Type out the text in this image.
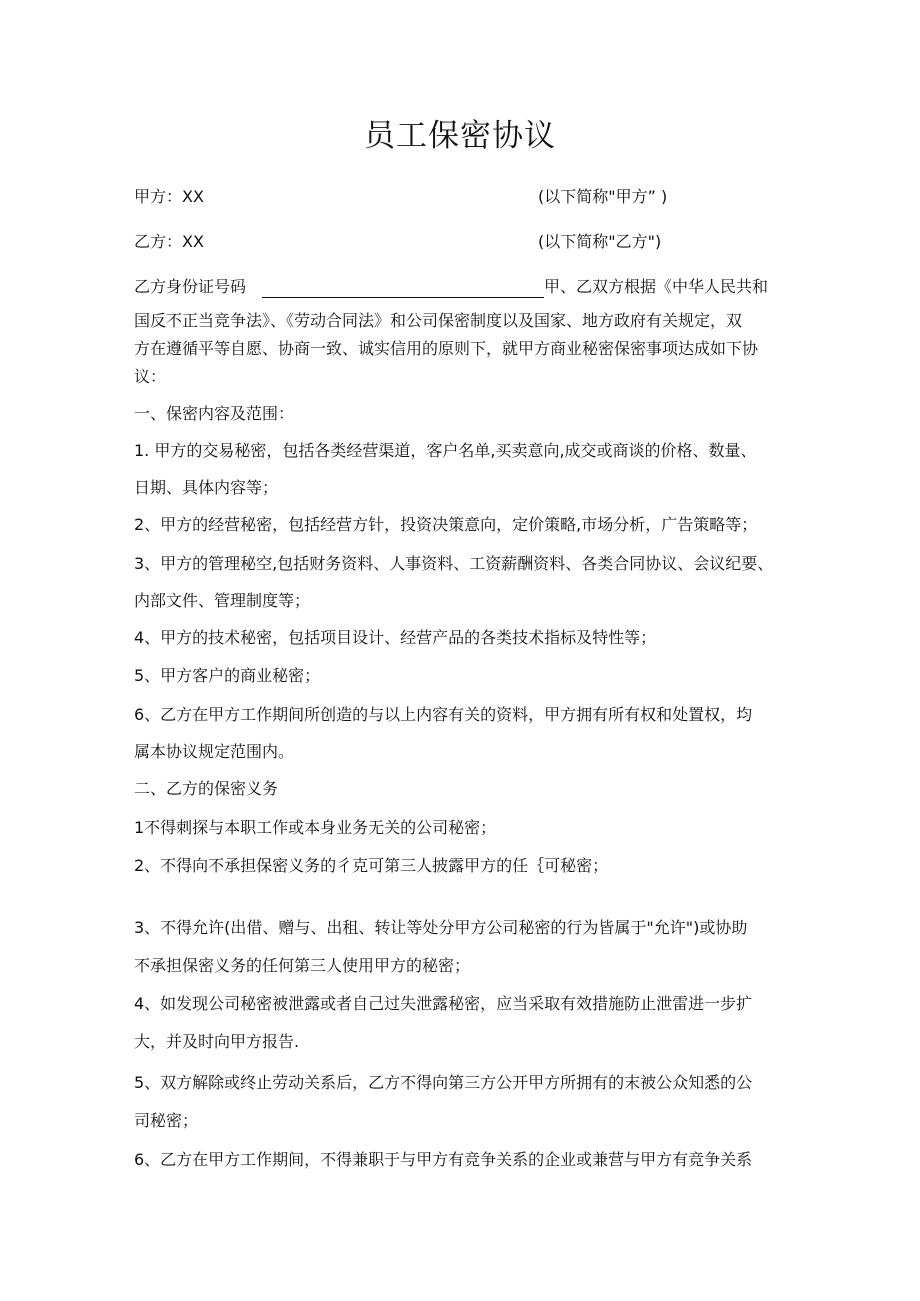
员工保密协议
甲方：XX	(以下简称"甲方” )
乙方：XX	(以下简称"乙方")
乙方身份证号码	甲、乙双方根据《中华人民共和
国反不正当竞争法》、《劳动合同法》和公司保密制度以及国家、地方政府有关规定，双
方在遵循平等自愿、协商一致、诚实信用的原则下，就甲方商业秘密保密事项达成如下协
议：
一、保密内容及范围：
1. 甲方的交易秘密，包括各类经营渠道，客户名单,买卖意向,成交或商谈的价格、数量、
日期、具体内容等；
2、甲方的经营秘密，包括经营方针，投资决策意向，定价策略,市场分析，广告策略等；
3、甲方的管理秘空,包括财务资料、人事资料、工资薪酬资料、各类合同协议、会议纪要、
内部文件、管理制度等；
4、甲方的技术秘密，包括项目设计、经营产品的各类技术指标及特性等；
5、甲方客户的商业秘密；
6、乙方在甲方工作期间所创造的与以上内容有关的资料，甲方拥有所有权和处置权，均
属本协议规定范围内。
二、乙方的保密义务
1不得刺探与本职工作或本身业务无关的公司秘密；
2、不得向不承担保密义务的彳克可第三人披露甲方的任｛可秘密；
3、不得允许(出借、赠与、出租、转让等处分甲方公司秘密的行为皆属于"允许")或协助
不承担保密义务的任何第三人使用甲方的秘密；
4、如发现公司秘密被泄露或者自己过失泄露秘密，应当采取有效措施防止泄雷进一步扩
大，并及时向甲方报告.
5、双方解除或终止劳动关系后，乙方不得向第三方公开甲方所拥有的末被公众知悉的公
司秘密；
6、乙方在甲方工作期间，不得兼职于与甲方有竞争关系的企业或兼营与甲方有竞争关系
